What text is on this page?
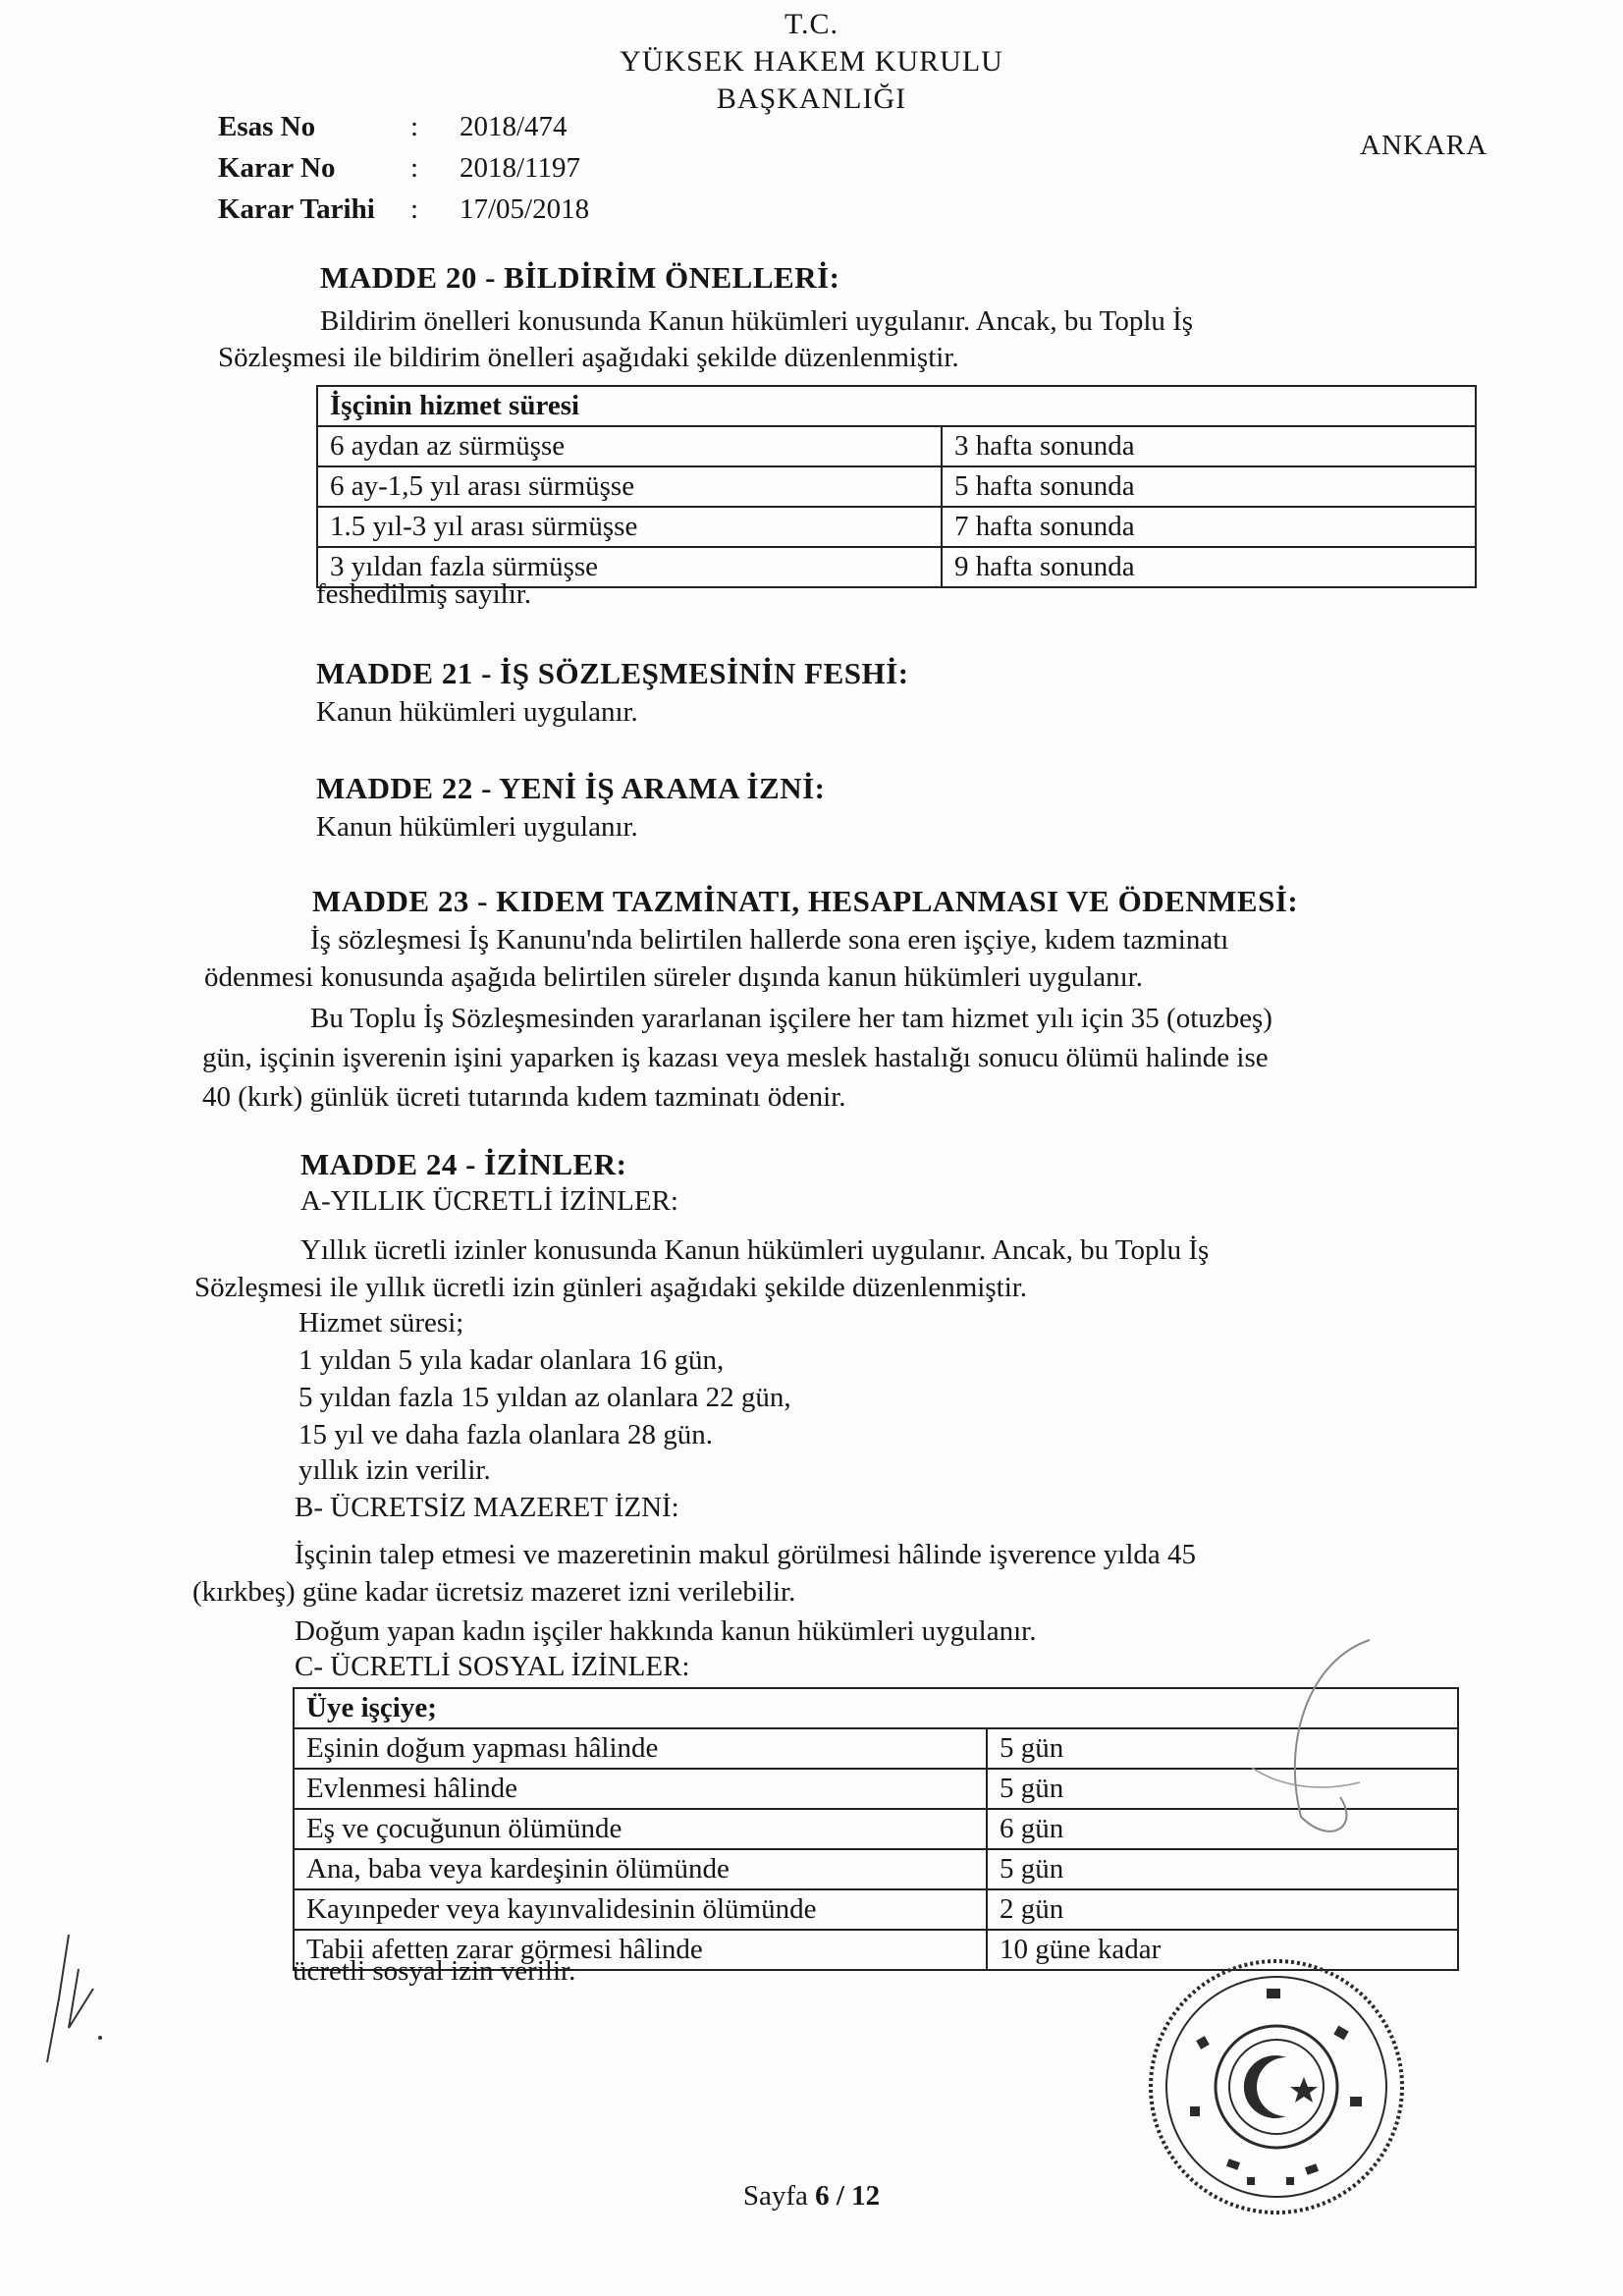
T.C.
YÜKSEK HAKEM KURULU
BAŞKANLIĞI
ANKARA
Esas No	: 2018/474
Karar No	: 2018/1197
Karar Tarihi : 17/05/2018
MADDE 20 - BİLDİRİM ÖNELLERİ:
Bildirim önelleri konusunda Kanun hükümleri uygulanır. Ancak, bu Toplu İş
Sözleşmesi ile bildirim önelleri aşağıdaki şekilde düzenlenmiştir.
İşçinin hizmet süresi	
6 aydan az sürmüşse	3 hafta sonunda
6 ay-1,5 yıl arası sürmüşse	5 hafta sonunda
1.5 yıl-3 yıl arası sürmüşse	7 hafta sonunda
3 yıldan fazla sürmüşse	9 hafta sonunda
feshedilmiş sayılır.
MADDE 21 - İŞ SÖZLEŞMESİNİN FESHİ:
Kanun hükümleri uygulanır.
MADDE 22 - YENİ İŞ ARAMA İZNİ:
Kanun hükümleri uygulanır.
MADDE 23 - KIDEM TAZMİNATI, HESAPLANMASI VE ÖDENMESİ:
İş sözleşmesi İş Kanunu'nda belirtilen hallerde sona eren işçiye, kıdem tazminatı
ödenmesi konusunda aşağıda belirtilen süreler dışında kanun hükümleri uygulanır.
Bu Toplu İş Sözleşmesinden yararlanan işçilere her tam hizmet yılı için 35 (otuzbeş)
gün, işçinin işverenin işini yaparken iş kazası veya meslek hastalığı sonucu ölümü halinde ise
40 (kırk) günlük ücreti tutarında kıdem tazminatı ödenir.
MADDE 24 - İZİNLER:
A-YILLIK ÜCRETLİ İZİNLER:
Yıllık ücretli izinler konusunda Kanun hükümleri uygulanır. Ancak, bu Toplu İş
Sözleşmesi ile yıllık ücretli izin günleri aşağıdaki şekilde düzenlenmiştir.
Hizmet süresi;
1 yıldan 5 yıla kadar olanlara 16 gün,
5 yıldan fazla 15 yıldan az olanlara 22 gün,
15 yıl ve daha fazla olanlara 28 gün.
yıllık izin verilir.
B- ÜCRETSİZ MAZERET İZNİ:
İşçinin talep etmesi ve mazeretinin makul görülmesi hâlinde işverence yılda 45
(kırkbeş) güne kadar ücretsiz mazeret izni verilebilir.
Doğum yapan kadın işçiler hakkında kanun hükümleri uygulanır.
C- ÜCRETLİ SOSYAL İZİNLER:
Üye işçiye;	
Eşinin doğum yapması hâlinde	5 gün
Evlenmesi hâlinde	5 gün
Eş ve çocuğunun ölümünde	6 gün
Ana, baba veya kardeşinin ölümünde	5 gün
Kayınpeder veya kayınvalidesinin ölümünde	2 gün
Tabii afetten zarar görmesi hâlinde	10 güne kadar
ücretli sosyal izin verilir.
Sayfa 6 / 12
